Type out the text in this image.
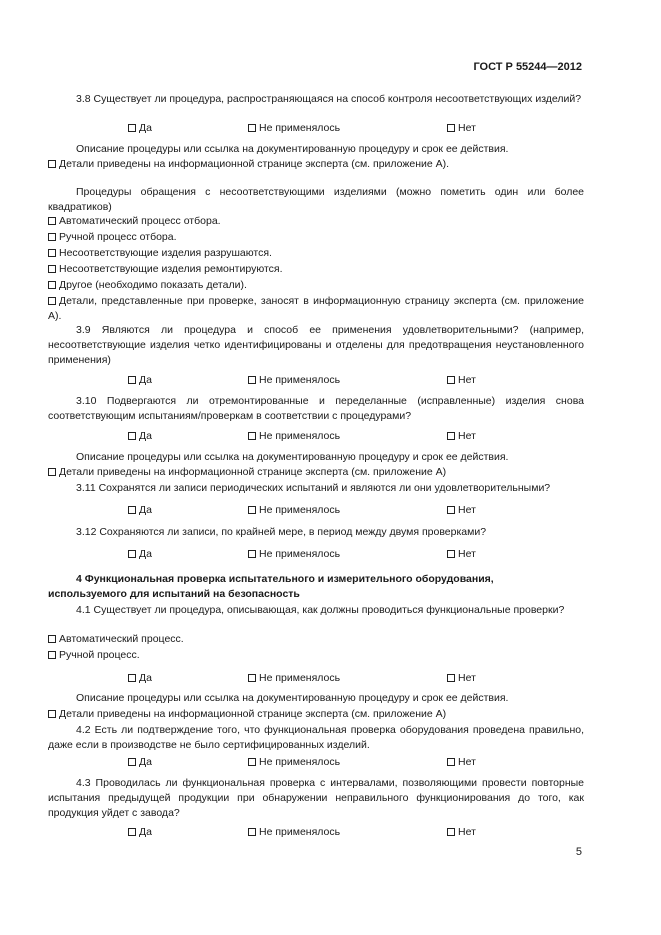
ГОСТ Р 55244—2012
3.8 Существует ли процедура, распространяющаяся на способ контроля несоответствующих изделий?
Да	Не применялось	Нет
Описание процедуры или ссылка на документированную процедуру и срок ее действия.
Детали приведены на информационной странице эксперта (см. приложение А).
Процедуры обращения с несоответствующими изделиями (можно пометить один или более квадратиков)
Автоматический процесс отбора.
Ручной процесс отбора.
Несоответствующие изделия разрушаются.
Несоответствующие изделия ремонтируются.
Другое (необходимо показать детали).
Детали, представленные при проверке, заносят в информационную страницу эксперта (см. приложение А).
3.9 Являются ли процедура и способ ее применения удовлетворительными? (например, несоответствующие изделия четко идентифицированы и отделены для предотвращения неустановленного применения)
Да	Не применялось	Нет
3.10 Подвергаются ли отремонтированные и переделанные (исправленные) изделия снова соответствующим испытаниям/проверкам в соответствии с процедурами?
Да	Не применялось	Нет
Описание процедуры или ссылка на документированную процедуру и срок ее действия.
Детали приведены на информационной странице эксперта (см. приложение А)
3.11 Сохранятся ли записи периодических испытаний и являются ли они удовлетворительными?
Да	Не применялось	Нет
3.12 Сохраняются ли записи, по крайней мере, в период между двумя проверками?
Да	Не применялось	Нет
4 Функциональная проверка испытательного и измерительного оборудования, используемого для испытаний на безопасность
4.1 Существует ли процедура, описывающая, как должны проводиться функциональные проверки?
Автоматический процесс.
Ручной процесс.
Да	Не применялось	Нет
Описание процедуры или ссылка на документированную процедуру и срок ее действия.
Детали приведены на информационной странице эксперта (см. приложение А)
4.2 Есть ли подтверждение того, что функциональная проверка оборудования проведена правильно, даже если в производстве не было сертифицированных изделий.
Да	Не применялось	Нет
4.3 Проводилась ли функциональная проверка с интервалами, позволяющими провести повторные испытания предыдущей продукции при обнаружении неправильного функционирования до того, как продукция уйдет с завода?
Да	Не применялось	Нет
5
